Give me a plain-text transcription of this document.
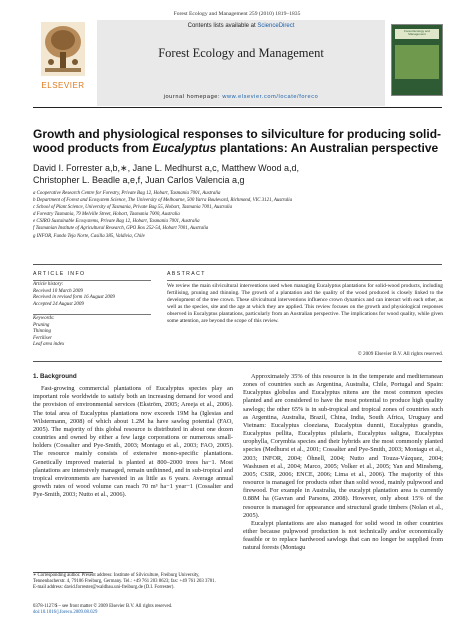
Forest Ecology and Management 259 (2010) 1819–1835
ELSEVIER
Contents lists available at ScienceDirect
Forest Ecology and Management
journal homepage: www.elsevier.com/locate/foreco
Forest Ecology and Management
Growth and physiological responses to silviculture for producing solid-wood products from Eucalyptus plantations: An Australian perspective
David I. Forrester a,b,∗, Jane L. Medhurst a,c, Matthew Wood a,d,
Christopher L. Beadle a,e,f, Juan Carlos Valencia a,g
a Cooperative Research Centre for Forestry, Private Bag 12, Hobart, Tasmania 7001, Australia
b Department of Forest and Ecosystem Science, The University of Melbourne, 500 Yarra Boulevard, Richmond, VIC 3121, Australia
c School of Plant Science, University of Tasmania, Private Bag 55, Hobart, Tasmania 7001, Australia
d Forestry Tasmania, 79 Melville Street, Hobart, Tasmania 7000, Australia
e CSIRO Sustainable Ecosystems, Private Bag 12, Hobart, Tasmania 7001, Australia
f Tasmanian Institute of Agricultural Research, GPO Box 252-54, Hobart 7001, Australia
g INFOR, Fundo Teja Norte, Casilla 385, Valdivia, Chile
ARTICLE INFO	ABSTRACT
Article history:
Received 10 March 2009
Received in revised form 16 August 2009
Accepted 24 August 2009
Keywords:
Pruning
Thinning
Fertiliser
Leaf area index
We review the main silvicultural interventions used when managing Eucalyptus plantations for solid-wood products, including fertilising, pruning and thinning. The growth of a plantation and the quality of the wood produced is closely linked to the development of the tree crown. These silvicultural interventions influence crown dynamics and can interact with each other, as well as the species, site and the age at which they are applied. This review focuses on the growth and physiological responses observed in Eucalyptus plantations, particularly from an Australian perspective. The implications for wood quality, while given some attention, are beyond the scope of this review.
© 2009 Elsevier B.V. All rights reserved.
1. Background
Fast-growing commercial plantations of Eucalyptus species play an important role worldwide to satisfy both an increasing demand for wood and the provision of environmental services (Ekström, 2005; Areeja et al., 2006). The total area of Eucalyptus plantations now exceeds 19M ha (Iglesias and Wilstermann, 2008) of which about 1.2M ha have sawlog potential (FAO, 2005). The majority of this global resource is distributed in about one dozen countries and owned by either a few large corporations or numerous small-holders (Cossalter and Pye-Smith, 2003; Montagu et al., 2003; FAO, 2005). The resource mainly consists of extensive mono-specific plantations. Genetically improved material is planted at 800–2000 trees ha−1. Most plantations are intensively managed, remain unthinned, and in sub-tropical and tropical environments are harvested in as little as 6 years. Average annual growth rates of wood volume can reach 70 m³ ha−1 year−1 (Cossalter and Pye-Smith, 2003; Nutto et al., 2006).
Approximately 35% of this resource is in the temperate and mediterranean zones of countries such as Argentina, Australia, Chile, Portugal and Spain: Eucalyptus globulus and Eucalyptus nitens are the most common species planted and are considered to have the most potential to produce high quality sawlogs; the other 65% is in sub-tropical and tropical zones of countries such as Argentina, Australia, Brazil, China, India, South Africa, Uruguay and Vietnam: Eucalyptus cloeziana, Eucalyptus dunnii, Eucalyptus grandis, Eucalyptus pellita, Eucalyptus pilularis, Eucalyptus saligna, Eucalyptus urophylla, Corymbia species and their hybrids are the most commonly planted species (Medhurst et al., 2001; Cossalter and Pye-Smith, 2003; Montagu et al., 2003; INFOR, 2004; Öhnell, 2004; Nutto and Touza-Vázquez, 2004; Washusen et al., 2004; Marco, 2005; Volker et al., 2005; Yan and Minsheng, 2005; CSIR, 2006; ENCE, 2006; Lima et al., 2006). The majority of this resource is managed for products other than solid wood, mainly pulpwood and firewood. For example in Australia, the eucalypt plantation area is currently 0.88M ha (Gavran and Parsons, 2008). However, only about 15% of the resource is managed for appearance and structural grade timbers (Nolan et al., 2005).
Eucalypt plantations are also managed for solid wood in other countries either because pulpwood production is not technically and/or economically feasible or to replace hardwood sawlogs that can no longer be supplied from natural forests (Montagu
∗ Corresponding author. Present address: Institute of Silviculture, Freiburg University, Tennenbacherstr. 4, 79106 Freiburg, Germany. Tel.: +49 761 203 8623; fax: +49 761 203 3781.
E-mail address: david.forrester@waldbau.uni-freiburg.de (D.I. Forrester).
0378-1127/$ – see front matter © 2009 Elsevier B.V. All rights reserved.
doi:10.1016/j.foreco.2009.08.029
